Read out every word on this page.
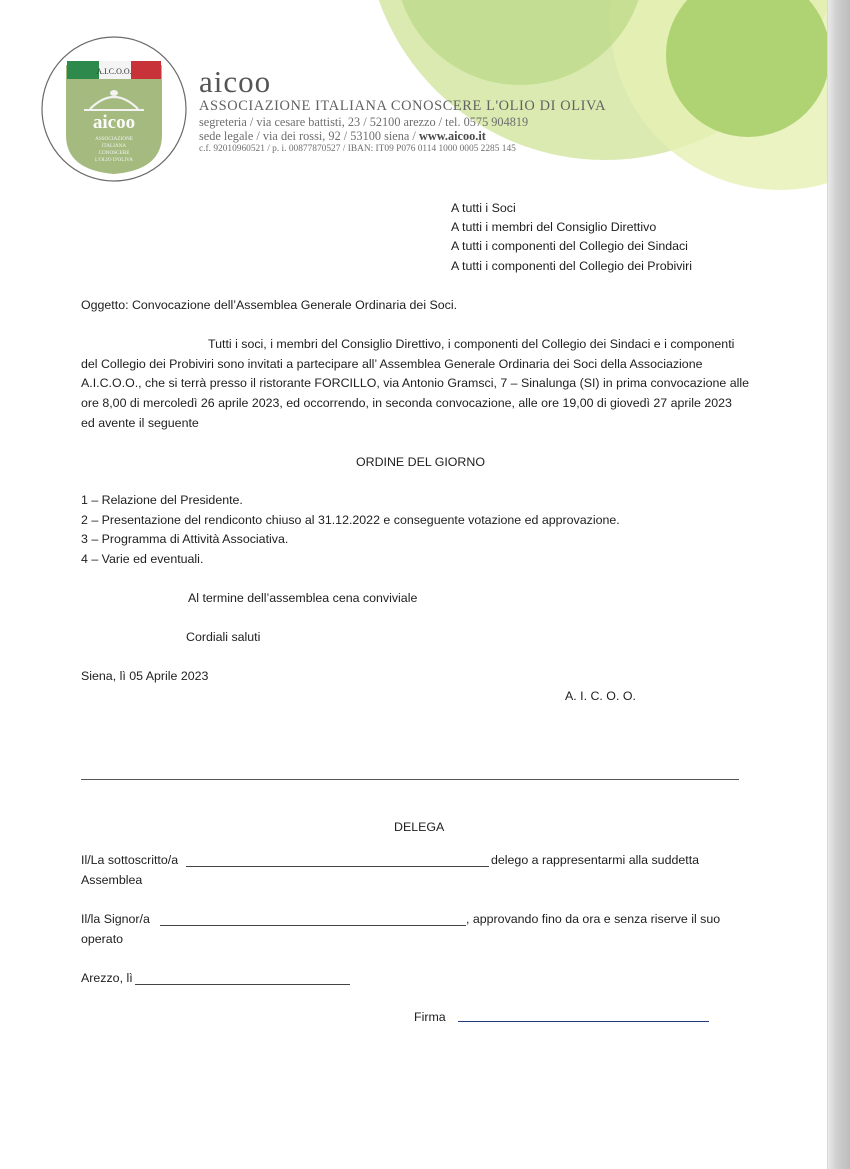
A.I.C.O.O.
aicoo
ASSOCIAZIONE
ITALIANA
CONOSCERE
L'OLIO D'OLIVA
aicoo
ASSOCIAZIONE ITALIANA CONOSCERE L'OLIO DI OLIVA
segreteria / via cesare battisti, 23 / 52100 arezzo / tel. 0575 904819
sede legale / via dei rossi, 92 / 53100 siena / www.aicoo.it
c.f. 92010960521 / p. i. 00877870527 / IBAN: IT09 P076 0114 1000 0005 2285 145
A tutti i Soci
A tutti i membri del Consiglio Direttivo
A tutti i componenti del Collegio dei Sindaci
A tutti i componenti del Collegio dei Probiviri
Oggetto: Convocazione dell’Assemblea Generale Ordinaria dei Soci.
Tutti i soci, i membri del Consiglio Direttivo, i componenti del Collegio dei Sindaci e i componenti
del Collegio dei Probiviri sono invitati a partecipare all’ Assemblea Generale Ordinaria dei Soci della Associazione
A.I.C.O.O., che si terrà presso il ristorante FORCILLO, via Antonio Gramsci, 7 – Sinalunga (SI) in prima convocazione alle
ore 8,00 di mercoledì 26 aprile 2023, ed occorrendo, in seconda convocazione, alle ore 19,00 di giovedì 27 aprile 2023
ed avente il seguente
ORDINE DEL GIORNO
1 – Relazione del Presidente.
2 – Presentazione del rendiconto chiuso al 31.12.2022 e conseguente votazione ed approvazione.
3 – Programma di Attività Associativa.
4 – Varie ed eventuali.
Al termine dell’assemblea cena conviviale
Cordiali saluti
Siena, lì 05 Aprile 2023
A. I. C. O. O.
DELEGA
Il/La sottoscritto/a	delego a rappresentarmi alla suddetta
Assemblea
Il/la Signor/a	, approvando fino da ora e senza riserve il suo
operato
Arezzo, lì
Firma
